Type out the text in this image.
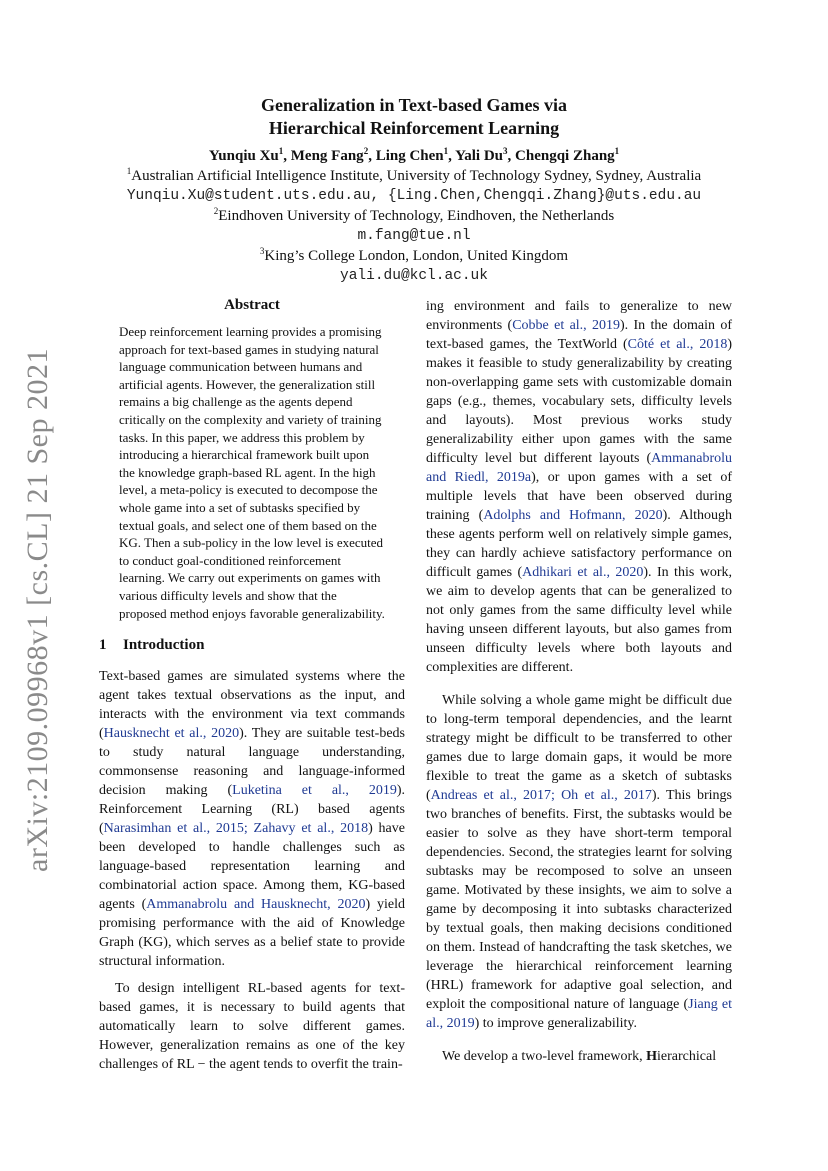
arXiv:2109.09968v1 [cs.CL] 21 Sep 2021
Generalization in Text-based Games via
Hierarchical Reinforcement Learning
Yunqiu Xu$^1$, Meng Fang$^2$, Ling Chen$^1$, Yali Du$^3$, Chengqi Zhang$^1$
$^1$Australian Artificial Intelligence Institute, University of Technology Sydney, Sydney, Australia
Yunqiu.Xu@student.uts.edu.au, {Ling.Chen,Chengqi.Zhang}@uts.edu.au
$^2$Eindhoven University of Technology, Eindhoven, the Netherlands
m.fang@tue.nl
$^3$King’s College London, London, United Kingdom
yali.du@kcl.ac.uk
Abstract

Deep reinforcement learning provides a promising approach for text-based games in studying natural language communication between humans and artificial agents. However, the generalization still remains a big challenge as the agents depend critically on the complexity and variety of training tasks. In this paper, we address this problem by introducing a hierarchical framework built upon the knowledge graph-based RL agent. In the high level, a meta-policy is executed to decompose the whole game into a set of subtasks specified by textual goals, and select one of them based on the KG. Then a sub-policy in the low level is executed to conduct goal-conditioned reinforcement learning. We carry out experiments on games with various difficulty levels and show that the proposed method enjoys favorable generalizability.

1 Introduction

Text-based games are simulated systems where the agent takes textual observations as the input, and interacts with the environment via text commands (Hausknecht et al., 2020). They are suitable test-beds to study natural language understanding, commonsense reasoning and language-informed decision making (Luketina et al., 2019). Reinforcement Learning (RL) based agents (Narasimhan et al., 2015; Zahavy et al., 2018) have been developed to handle challenges such as language-based representation learning and combinatorial action space. Among them, KG-based agents (Ammanabrolu and Hausknecht, 2020) yield promising performance with the aid of Knowledge Graph (KG), which serves as a belief state to provide structural information.

To design intelligent RL-based agents for text-based games, it is necessary to build agents that automatically learn to solve different games. However, generalization remains as one of the key challenges of RL − the agent tends to overfit the train-

ing environment and fails to generalize to new environments (Cobbe et al., 2019). In the domain of text-based games, the TextWorld (Côté et al., 2018) makes it feasible to study generalizability by creating non-overlapping game sets with customizable domain gaps (e.g., themes, vocabulary sets, difficulty levels and layouts). Most previous works study generalizability either upon games with the same difficulty level but different layouts (Ammanabrolu and Riedl, 2019a), or upon games with a set of multiple levels that have been observed during training (Adolphs and Hofmann, 2020). Although these agents perform well on relatively simple games, they can hardly achieve satisfactory performance on difficult games (Adhikari et al., 2020). In this work, we aim to develop agents that can be generalized to not only games from the same difficulty level while having unseen different layouts, but also games from unseen difficulty levels where both layouts and complexities are different.

While solving a whole game might be difficult due to long-term temporal dependencies, and the learnt strategy might be difficult to be transferred to other games due to large domain gaps, it would be more flexible to treat the game as a sketch of subtasks (Andreas et al., 2017; Oh et al., 2017). This brings two branches of benefits. First, the subtasks would be easier to solve as they have short-term temporal dependencies. Second, the strategies learnt for solving subtasks may be recomposed to solve an unseen game. Motivated by these insights, we aim to solve a game by decomposing it into subtasks characterized by textual goals, then making decisions conditioned on them. Instead of handcrafting the task sketches, we leverage the hierarchical reinforcement learning (HRL) framework for adaptive goal selection, and exploit the compositional nature of language (Jiang et al., 2019) to improve generalizability.

We develop a two-level framework, Hierarchical
